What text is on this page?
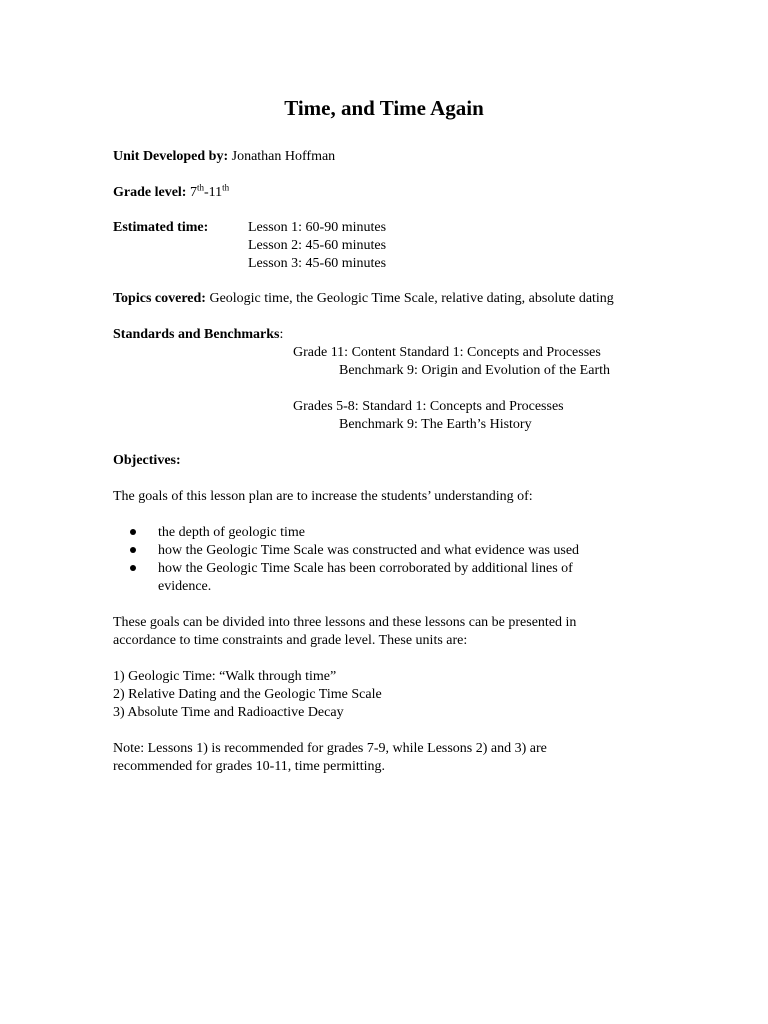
Time, and Time Again
Unit Developed by: Jonathan Hoffman
Grade level: 7th-11th
Estimated time:	Lesson 1: 60-90 minutes
Lesson 2: 45-60 minutes
Lesson 3: 45-60 minutes
Topics covered: Geologic time, the Geologic Time Scale, relative dating, absolute dating
Standards and Benchmarks:
Grade 11: Content Standard 1: Concepts and Processes
Benchmark 9: Origin and Evolution of the Earth
Grades 5-8: Standard 1: Concepts and Processes
Benchmark 9: The Earth’s History
Objectives:
The goals of this lesson plan are to increase the students’ understanding of:
the depth of geologic time
how the Geologic Time Scale was constructed and what evidence was used
how the Geologic Time Scale has been corroborated by additional lines of
evidence.
These goals can be divided into three lessons and these lessons can be presented in
accordance to time constraints and grade level. These units are:
1) Geologic Time: “Walk through time”
2) Relative Dating and the Geologic Time Scale
3) Absolute Time and Radioactive Decay
Note: Lessons 1) is recommended for grades 7-9, while Lessons 2) and 3) are
recommended for grades 10-11, time permitting.
